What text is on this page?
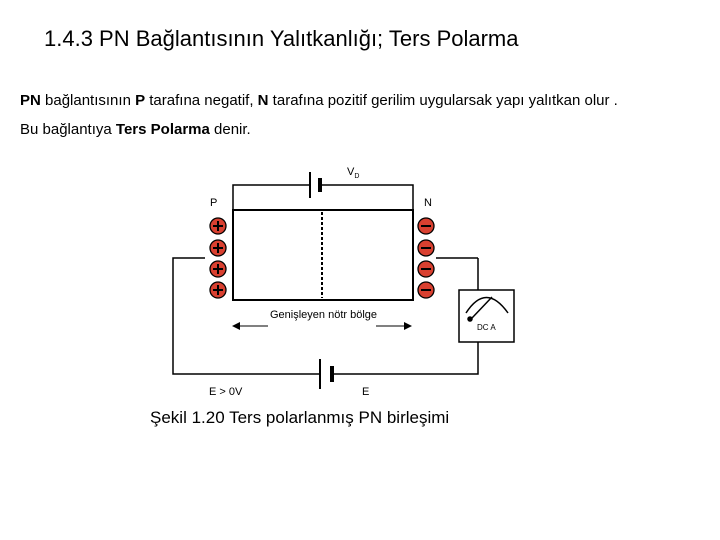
1.4.3 PN Bağlantısının Yalıtkanlığı; Ters Polarma
PN bağlantısının P tarafına negatif, N tarafına pozitif gerilim uygularsak yapı yalıtkan olur .
Bu bağlantıya Ters Polarma denir.
$V_D$
P	N
Genişleyen nötr bölge
DC A
E > 0V	E
Şekil 1.20 Ters polarlanmış PN birleşimi
